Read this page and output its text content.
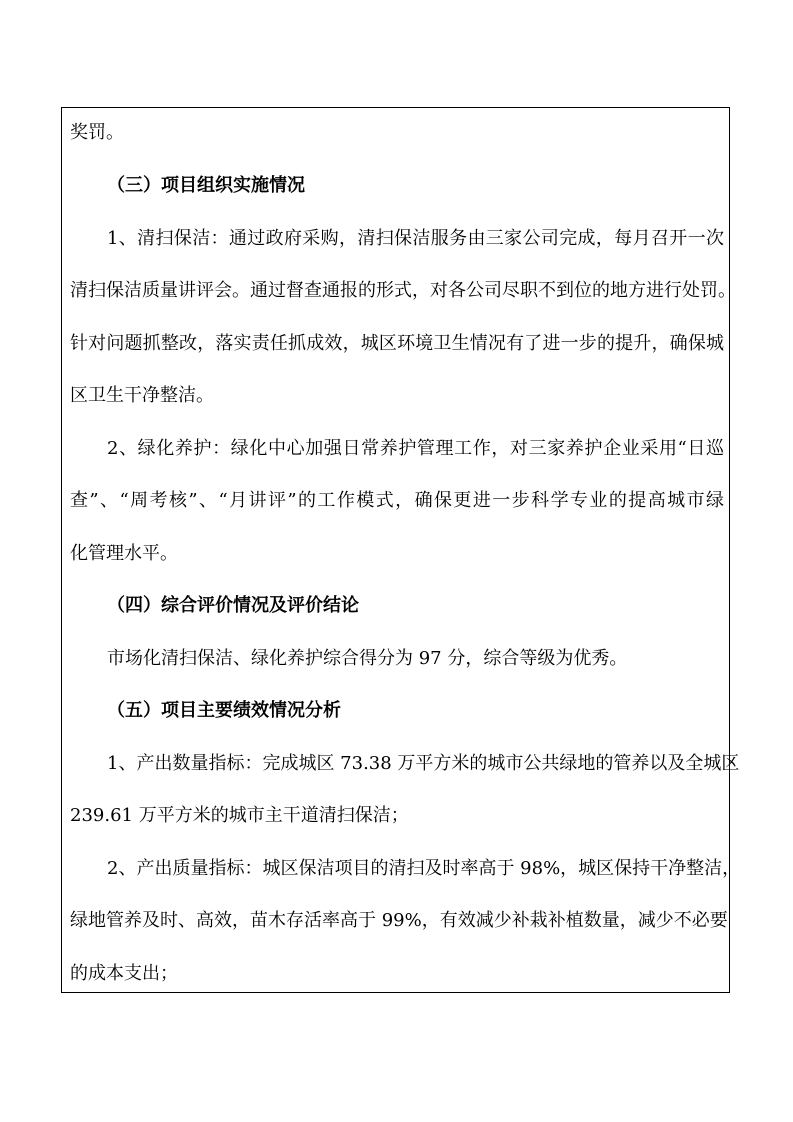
奖罚。
（三）项目组织实施情况
1、清扫保洁：通过政府采购，清扫保洁服务由三家公司完成，每月召开一次
清扫保洁质量讲评会。通过督查通报的形式，对各公司尽职不到位的地方进行处罚。
针对问题抓整改，落实责任抓成效，城区环境卫生情况有了进一步的提升，确保城
区卫生干净整洁。
2、绿化养护：绿化中心加强日常养护管理工作，对三家养护企业采用“日巡
查”、“周考核”、“月讲评”的工作模式，确保更进一步科学专业的提高城市绿
化管理水平。
（四）综合评价情况及评价结论
市场化清扫保洁、绿化养护综合得分为 97 分，综合等级为优秀。
（五）项目主要绩效情况分析
1、产出数量指标：完成城区 73.38 万平方米的城市公共绿地的管养以及全城区
239.61 万平方米的城市主干道清扫保洁；
2、产出质量指标：城区保洁项目的清扫及时率高于 98%，城区保持干净整洁，
绿地管养及时、高效，苗木存活率高于 99%，有效减少补栽补植数量，减少不必要
的成本支出；
